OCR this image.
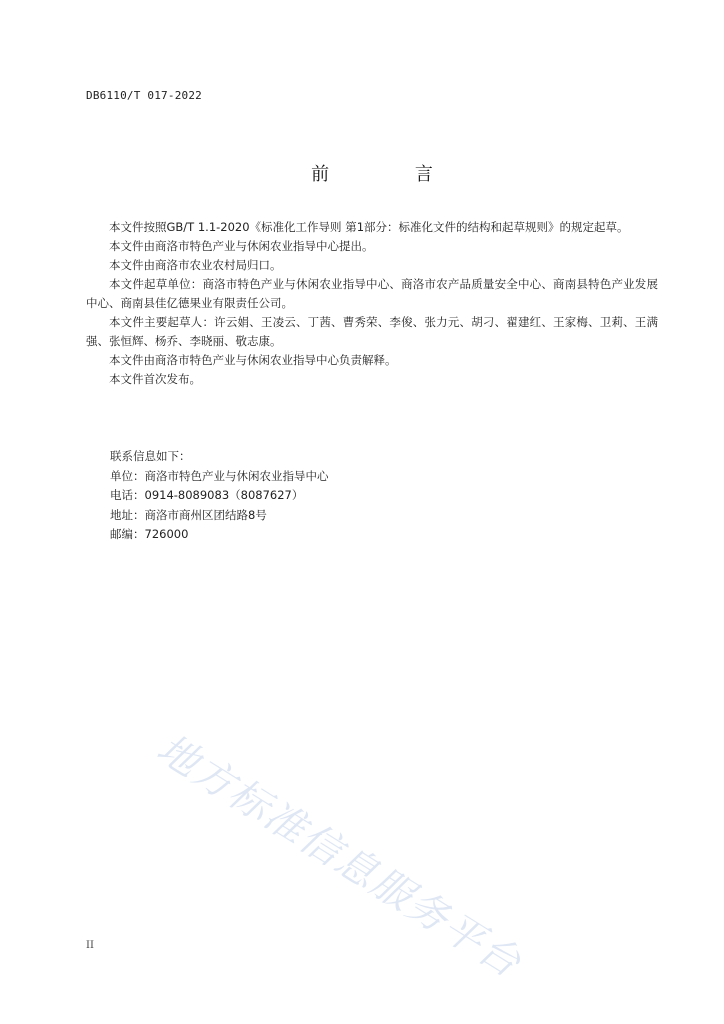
DB6110/T 017-2022
前 言

本文件按照GB/T 1.1-2020《标准化工作导则 第1部分：标准化文件的结构和起草规则》的规定起草。

本文件由商洛市特色产业与休闲农业指导中心提出。

本文件由商洛市农业农村局归口。

本文件起草单位：商洛市特色产业与休闲农业指导中心、商洛市农产品质量安全中心、商南县特色产业发展中心、商南县佳亿德果业有限责任公司。

本文件主要起草人：许云娟、王凌云、丁茜、曹秀荣、李俊、张力元、胡刁、翟建红、王家梅、卫莉、王满强、张恒辉、杨乔、李晓丽、敬志康。

本文件由商洛市特色产业与休闲农业指导中心负责解释。

本文件首次发布。

联系信息如下：
单位：商洛市特色产业与休闲农业指导中心
电话：0914-8089083（8087627）
地址：商洛市商州区团结路8号
邮编：726000
地方标准信息服务平台
II
